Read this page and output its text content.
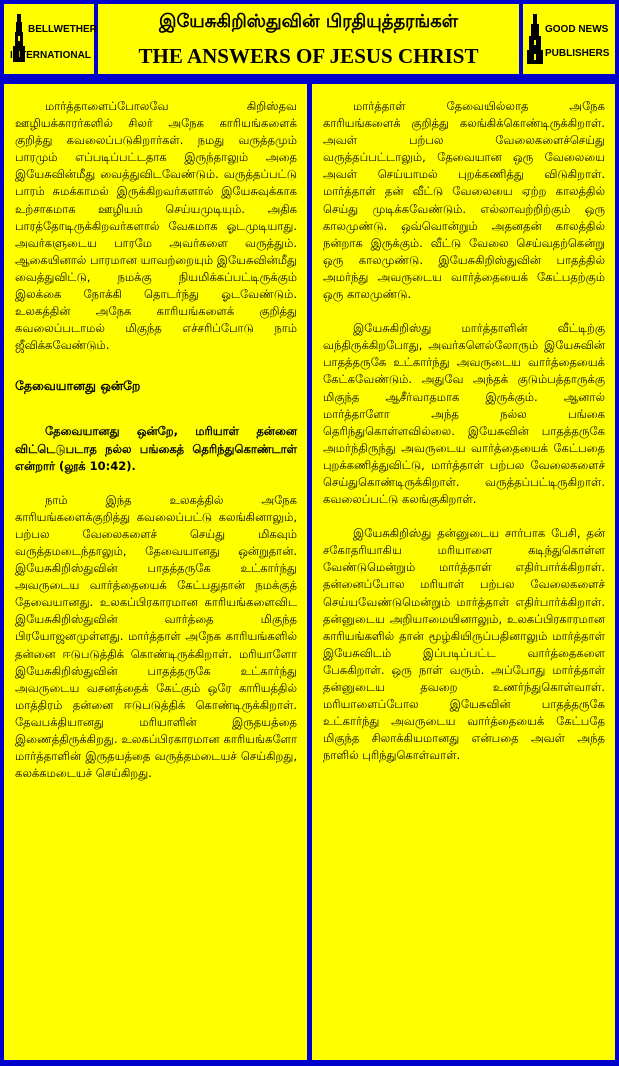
BELLWETHER
INTERNATIONAL
இயேசுகிறிஸ்துவின் பிரதியுத்தரங்கள்
THE ANSWERS OF JESUS CHRIST
GOOD NEWS
PUBLISHERS

மார்த்தாளைப்போலவே கிறிஸ்தவ ஊழியக்காரர்களில் சிலர் அநேக காரியங்களைக் குறித்து கவலைப்படுகிறார்கள். நமது வருத்தமும் பாரமும் எப்படிப்பட்டதாக இருந்தாலும் அதை இயேசுவின்மீது வைத்துவிடவேண்டும். வருத்தப்பட்டு பாரம் சுமக்காமல் இருக்கிறவர்களால் இயேசுவுக்காக உற்சாகமாக ஊழியம் செய்யமுடியும். அதிக பாரத்தோடிருக்கிறவர்களால் வேகமாக ஓடமுடியாது. அவர்களுடைய பாரமே அவர்களை வருத்தும். ஆகையினால் பாரமான யாவற்றையும் இயேசுவின்மீது வைத்துவிட்டு, நமக்கு நியமிக்கப்பட்டிருக்கும் இலக்கை நோக்கி தொடர்ந்து ஓடவேண்டும். உலகத்தின் அநேக காரியங்களைக் குறித்து கவலைப்படாமல் மிகுந்த எச்சரிப்போடு நாம் ஜீவிக்கவேண்டும்.

தேவையானது ஒன்றே

தேவையானது ஒன்றே, மரியாள் தன்னை விட்டெடுபடாத நல்ல பங்கைத் தெரிந்துகொண்டாள் என்றார் (லூக் 10:42).

நாம் இந்த உலகத்தில் அநேக காரியங்களைக்குறித்து கவலைப்பட்டு கலங்கினாலும், பற்பல வேலைகளைச் செய்து மிகவும் வருத்தமடைந்தாலும், தேவையானது ஒன்றுதான். இயேசுகிறிஸ்துவின் பாதத்தருகே உட்கார்ந்து அவருடைய வார்த்தையைக் கேட்பதுதான் நமக்குத் தேவையானது. உலகப்பிரகாரமான காரியங்களைவிட இயேசுகிறிஸ்துவின் வார்த்தை மிகுந்த பிரயோஜனமுள்ளது. மார்த்தாள் அநேக காரியங்களில் தன்னை ஈடுபடுத்திக் கொண்டிருக்கிறாள். மரியாளோ இயேசுகிறிஸ்துவின் பாதத்தருகே உட்கார்ந்து அவருடைய வசனத்தைக் கேட்கும் ஒரே காரியத்தில் மாத்திரம் தன்னை ஈடுபடுத்திக் கொண்டிருக்கிறாள். தேவபக்தியானது மரியாளின் இருதயத்தை இணைத்திருக்கிறது. உலகப்பிரகாரமான காரியங்களோ மார்த்தாளின் இருதயத்தை வருத்தமடையச் செய்கிறது, கலக்கமடையச் செய்கிறது.

மார்த்தாள் தேவையில்லாத அநேக காரியங்களைக் குறித்து கலங்கிக்கொண்டிருக்கிறாள். அவள் பற்பல வேலைகளைச்செய்து வருத்தப்பட்டாலும், தேவையான ஒரு வேலையை அவள் செய்யாமல் புறக்கணித்து விடுகிறாள். மார்த்தாள் தன் வீட்டு வேலையை ஏற்ற காலத்தில் செய்து முடிக்கவேண்டும். எல்லாவற்றிற்கும் ஒரு காலமுண்டு. ஒவ்வொன்றும் அதனதன் காலத்தில் நன்றாக இருக்கும். வீட்டு வேலை செய்வதற்கென்று ஒரு காலமுண்டு. இயேசுகிறிஸ்துவின் பாதத்தில் அமர்ந்து அவருடைய வார்த்தையைக் கேட்பதற்கும் ஒரு காலமுண்டு.

இயேசுகிறிஸ்து மார்த்தாளின் வீட்டிற்கு வந்திருக்கிறபோது, அவர்களெல்லோரும் இயேசுவின் பாதத்தருகே உட்கார்ந்து அவருடைய வார்த்தையைக் கேட்கவேண்டும். அதுவே அந்தக் குடும்பத்தாருக்கு மிகுந்த ஆசீர்வாதமாக இருக்கும். ஆனால் மார்த்தாளோ அந்த நல்ல பங்கை தெரிந்துகொள்ளவில்லை. இயேசுவின் பாதத்தருகே அமர்ந்திருந்து அவருடைய வார்த்தையைக் கேட்பதை புறக்கணித்துவிட்டு, மார்த்தாள் பற்பல வேலைகளைச் செய்துகொண்டிருக்கிறாள். வருத்தப்பட்டிருகிறாள். கவலைப்பட்டு கலங்குகிறாள்.

இயேசுகிறிஸ்து தன்னுடைய சார்பாக பேசி, தன் சகோதரியாகிய மரியாளை கடிந்துகொள்ள வேண்டுமென்றும் மார்த்தாள் எதிர்பார்க்கிறாள். தன்னைப்போல மரியாள் பற்பல வேலைகளைச் செய்யவேண்டுமென்றும் மார்த்தாள் எதிர்பார்க்கிறாள். தன்னுடைய அறியாமையினாலும், உலகப்பிரகாரமான காரியங்களில் தான் மூழ்கியிருப்பதினாலும் மார்த்தாள் இயேசுவிடம் இப்படிப்பட்ட வார்த்தைகளை பேசுகிறாள். ஒரு நாள் வரும். அப்போது மார்த்தாள் தன்னுடைய தவறை உணர்ந்துகொள்வாள். மரியாளைப்போல இயேசுவின் பாதத்தருகே உட்கார்ந்து அவருடைய வார்த்தையைக் கேட்பதே மிகுந்த சிலாக்கியமானது என்பதை அவள் அந்த நாளில் புரிந்துகொள்வாள்.
